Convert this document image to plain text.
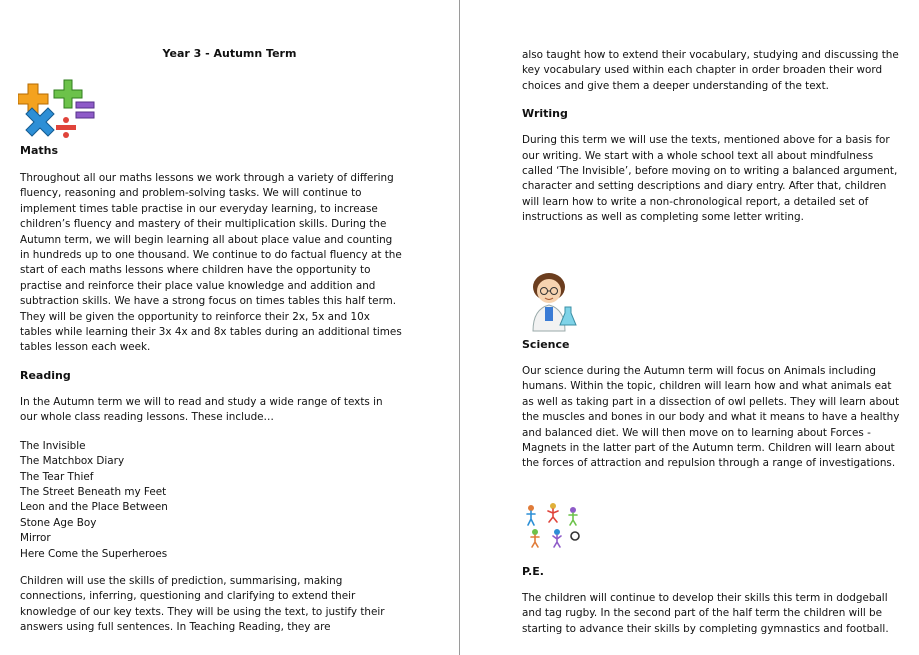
Year 3 - Autumn Term
Maths

Throughout all our maths lessons we work through a variety of differing fluency, reasoning and problem-solving tasks. We will continue to implement times table practise in our everyday learning, to increase children’s fluency and mastery of their multiplication skills. During the Autumn term, we will begin learning all about place value and counting in hundreds up to one thousand. We continue to do factual fluency at the start of each maths lessons where children have the opportunity to practise and reinforce their place value knowledge and addition and subtraction skills. We have a strong focus on times tables this half term. They will be given the opportunity to reinforce their 2x, 5x and 10x tables while learning their 3x 4x and 8x tables during an additional times tables lesson each week.

Reading

In the Autumn term we will to read and study a wide range of texts in our whole class reading lessons. These include…

The Invisible
The Matchbox Diary
The Tear Thief
The Street Beneath my Feet
Leon and the Place Between
Stone Age Boy
Mirror
Here Come the Superheroes

Children will use the skills of prediction, summarising, making connections, inferring, questioning and clarifying to extend their knowledge of our key texts. They will be using the text, to justify their answers using full sentences. In Teaching Reading, they are

also taught how to extend their vocabulary, studying and discussing the key vocabulary used within each chapter in order broaden their word choices and give them a deeper understanding of the text.

Writing

During this term we will use the texts, mentioned above for a basis for our writing. We start with a whole school text all about mindfulness called ‘The Invisible’, before moving on to writing a balanced argument, character and setting descriptions and diary entry. After that, children will learn how to write a non-chronological report, a detailed set of instructions as well as completing some letter writing.

Science

Our science during the Autumn term will focus on Animals including humans. Within the topic, children will learn how and what animals eat as well as taking part in a dissection of owl pellets. They will learn about the muscles and bones in our body and what it means to have a healthy and balanced diet. We will then move on to learning about Forces - Magnets in the latter part of the Autumn term. Children will learn about the forces of attraction and repulsion through a range of investigations.

P.E.

The children will continue to develop their skills this term in dodgeball and tag rugby. In the second part of the half term the children will be starting to advance their skills by completing gymnastics and football.
